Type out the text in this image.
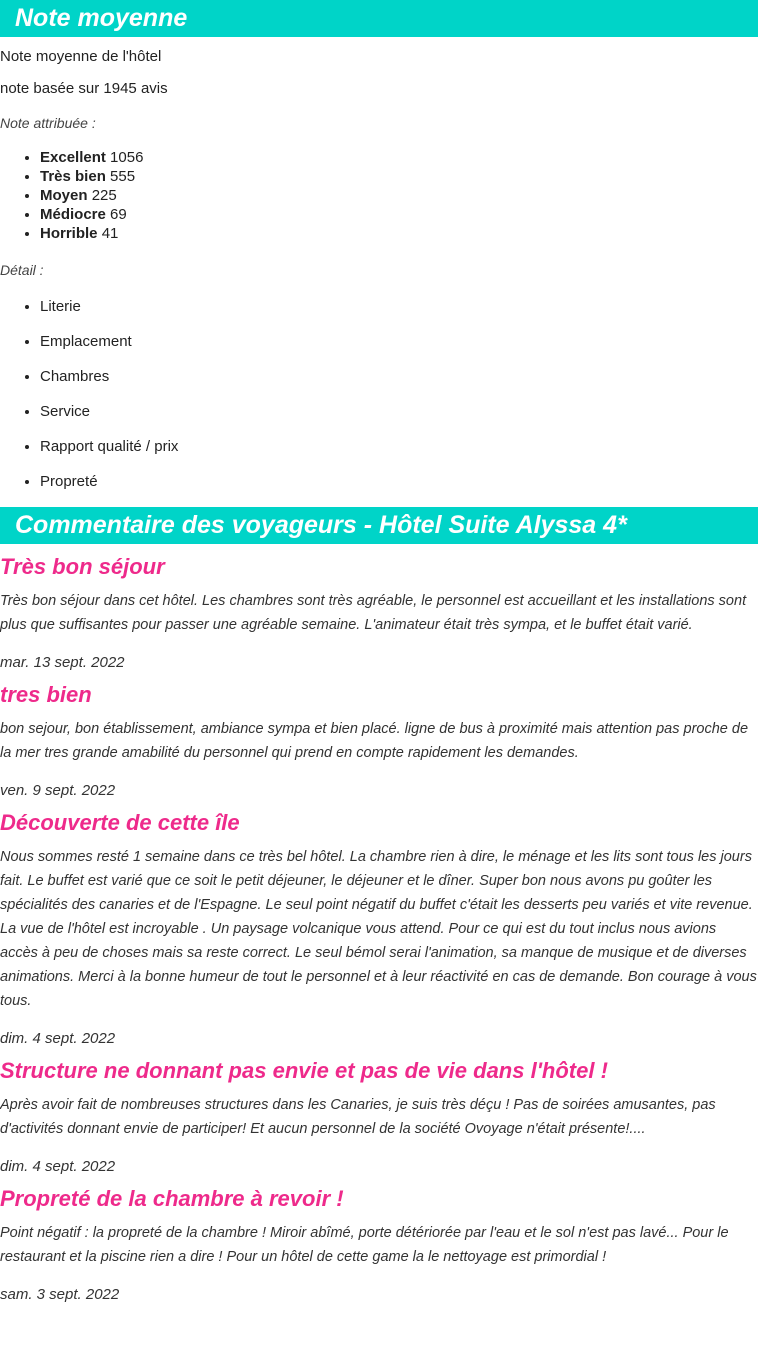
Note moyenne

Note moyenne de l'hôtel

note basée sur 1945 avis

Note attribuée :

• Excellent 1056
• Très bien 555
• Moyen 225
• Médiocre 69
• Horrible 41

Détail :

• Literie
• Emplacement
• Chambres
• Service
• Rapport qualité / prix
• Propreté
Commentaire des voyageurs - Hôtel Suite Alyssa 4*
Très bon séjour

Très bon séjour dans cet hôtel. Les chambres sont très agréable, le personnel est accueillant et les installations sont plus que suffisantes pour passer une agréable semaine. L'animateur était très sympa, et le buffet était varié.

mar. 13 sept. 2022

tres bien

bon sejour, bon établissement, ambiance sympa et bien placé. ligne de bus à proximité mais attention pas proche de la mer tres grande amabilité du personnel qui prend en compte rapidement les demandes.

ven. 9 sept. 2022

Découverte de cette île

Nous sommes resté 1 semaine dans ce très bel hôtel. La chambre rien à dire, le ménage et les lits sont tous les jours fait. Le buffet est varié que ce soit le petit déjeuner, le déjeuner et le dîner. Super bon nous avons pu goûter les spécialités des canaries et de l'Espagne. Le seul point négatif du buffet c'était les desserts peu variés et vite revenue. La vue de l'hôtel est incroyable . Un paysage volcanique vous attend. Pour ce qui est du tout inclus nous avions accès à peu de choses mais sa reste correct. Le seul bémol serai l'animation, sa manque de musique et de diverses animations. Merci à la bonne humeur de tout le personnel et à leur réactivité en cas de demande. Bon courage à vous tous.

dim. 4 sept. 2022

Structure ne donnant pas envie et pas de vie dans l'hôtel !

Après avoir fait de nombreuses structures dans les Canaries, je suis très déçu ! Pas de soirées amusantes, pas d'activités donnant envie de participer! Et aucun personnel de la société Ovoyage n'était présente!....

dim. 4 sept. 2022

Propreté de la chambre à revoir !

Point négatif : la propreté de la chambre ! Miroir abîmé, porte détériorée par l'eau et le sol n'est pas lavé... Pour le restaurant et la piscine rien a dire ! Pour un hôtel de cette game la le nettoyage est primordial !

sam. 3 sept. 2022
